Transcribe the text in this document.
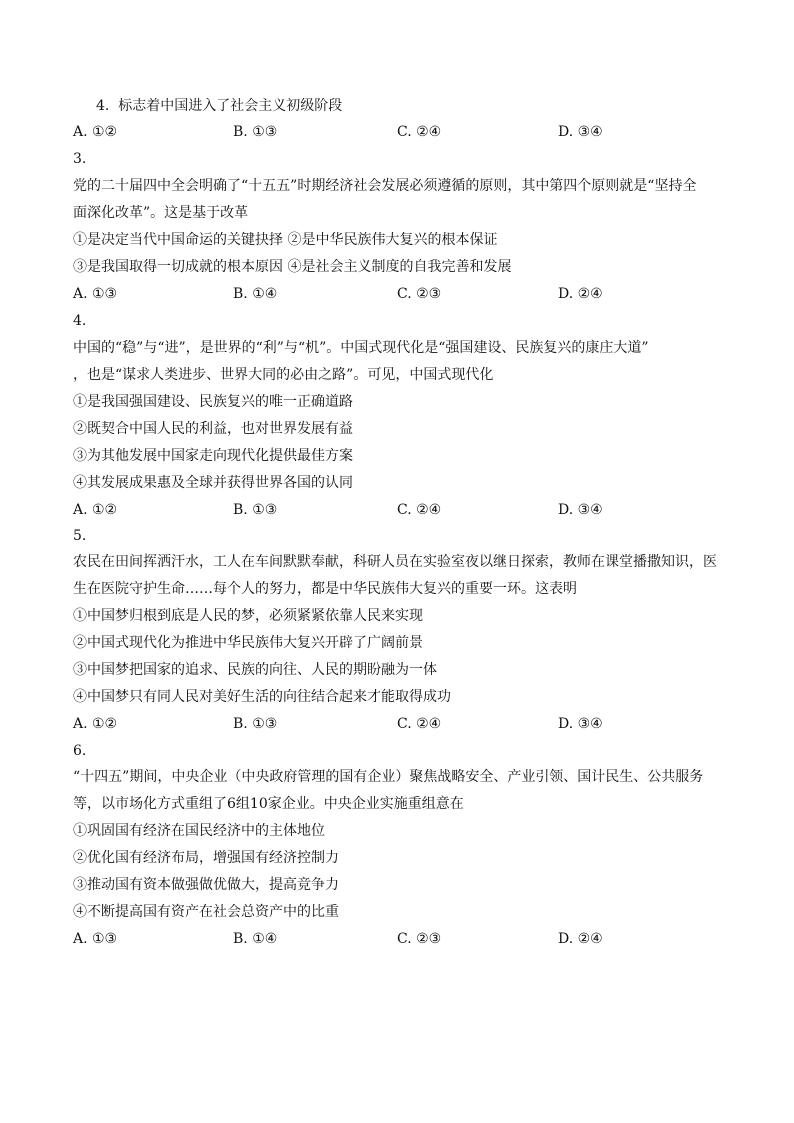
4.  标志着中国进入了社会主义初级阶段
A. ①②	B. ①③	C. ②④	D. ③④
3.
党的二十届四中全会明确了“十五五”时期经济社会发展必须遵循的原则，其中第四个原则就是“坚持全
面深化改革”。这是基于改革
①是决定当代中国命运的关键抉择 ②是中华民族伟大复兴的根本保证
③是我国取得一切成就的根本原因 ④是社会主义制度的自我完善和发展
A. ①③	B. ①④	C. ②③	D. ②④
4.
中国的“稳”与“进”，是世界的“利”与“机”。中国式现代化是“强国建设、民族复兴的康庄大道”
，也是“谋求人类进步、世界大同的必由之路”。可见，中国式现代化
①是我国强国建设、民族复兴的唯一正确道路
②既契合中国人民的利益，也对世界发展有益
③为其他发展中国家走向现代化提供最佳方案
④其发展成果惠及全球并获得世界各国的认同
A. ①②	B. ①③	C. ②④	D. ③④
5.
农民在田间挥洒汗水，工人在车间默默奉献，科研人员在实验室夜以继日探索，教师在课堂播撒知识，医
生在医院守护生命……每个人的努力，都是中华民族伟大复兴的重要一环。这表明
①中国梦归根到底是人民的梦，必须紧紧依靠人民来实现
②中国式现代化为推进中华民族伟大复兴开辟了广阔前景
③中国梦把国家的追求、民族的向往、人民的期盼融为一体
④中国梦只有同人民对美好生活的向往结合起来才能取得成功
A. ①②	B. ①③	C. ②④	D. ③④
6.
“十四五”期间，中央企业（中央政府管理的国有企业）聚焦战略安全、产业引领、国计民生、公共服务
等，以市场化方式重组了6组10家企业。中央企业实施重组意在
①巩固国有经济在国民经济中的主体地位
②优化国有经济布局，增强国有经济控制力
③推动国有资本做强做优做大，提高竞争力
④不断提高国有资产在社会总资产中的比重
A. ①③	B. ①④	C. ②③	D. ②④
